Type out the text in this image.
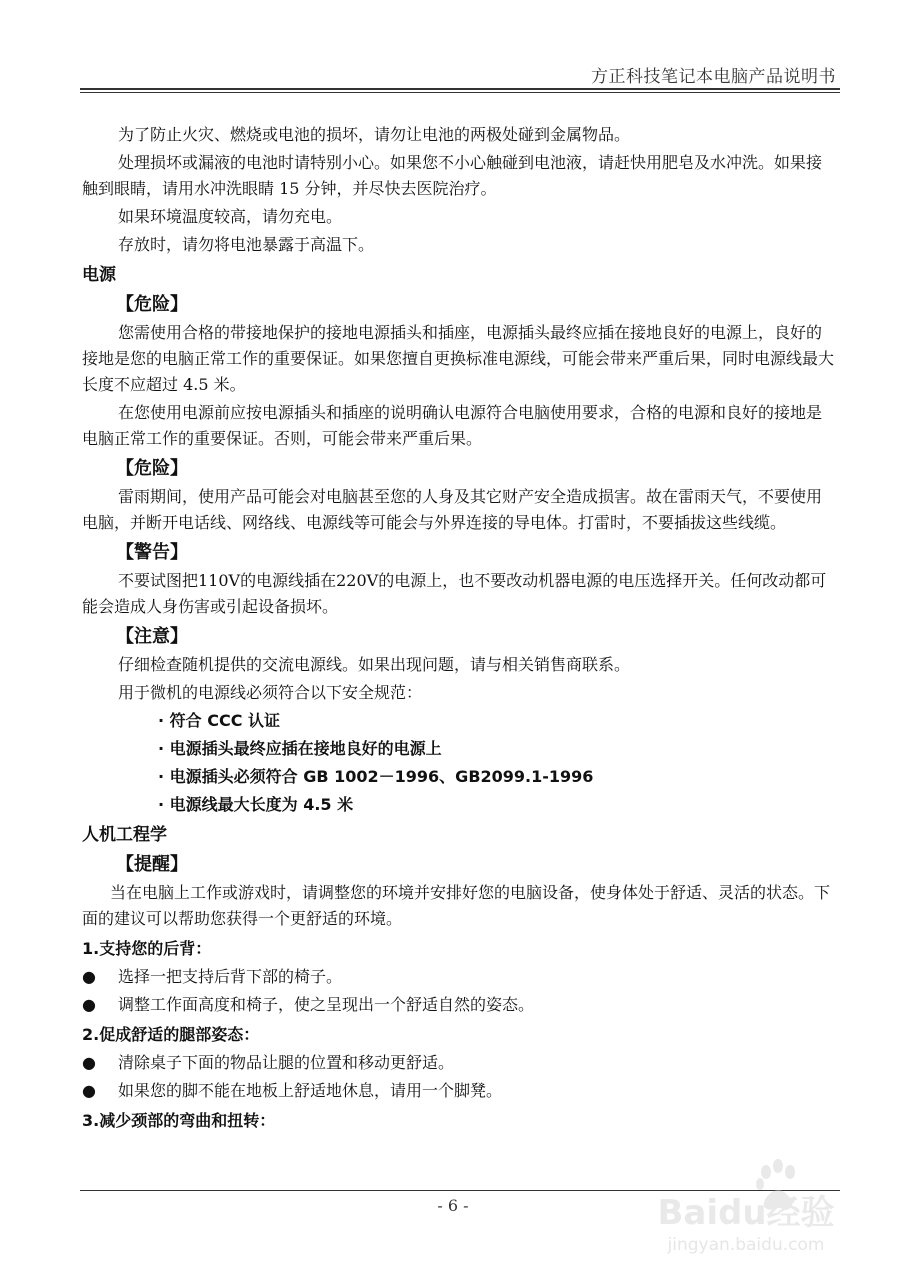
方正科技笔记本电脑产品说明书

为了防止火灾、燃烧或电池的损坏，请勿让电池的两极处碰到金属物品。

处理损坏或漏液的电池时请特别小心。如果您不小心触碰到电池液，请赶快用肥皂及水冲洗。如果接触到眼睛，请用水冲洗眼睛 15 分钟，并尽快去医院治疗。

如果环境温度较高，请勿充电。

存放时，请勿将电池暴露于高温下。

电源
【危险】

您需使用合格的带接地保护的接地电源插头和插座，电源插头最终应插在接地良好的电源上，良好的接地是您的电脑正常工作的重要保证。如果您擅自更换标准电源线，可能会带来严重后果，同时电源线最大长度不应超过 4.5 米。

在您使用电源前应按电源插头和插座的说明确认电源符合电脑使用要求，合格的电源和良好的接地是电脑正常工作的重要保证。否则，可能会带来严重后果。

【危险】

雷雨期间，使用产品可能会对电脑甚至您的人身及其它财产安全造成损害。故在雷雨天气，不要使用电脑，并断开电话线、网络线、电源线等可能会与外界连接的导电体。打雷时，不要插拔这些线缆。

【警告】

不要试图把110V的电源线插在220V的电源上，也不要改动机器电源的电压选择开关。任何改动都可能会造成人身伤害或引起设备损坏。

【注意】

仔细检查随机提供的交流电源线。如果出现问题，请与相关销售商联系。

用于微机的电源线必须符合以下安全规范：

· 符合 CCC 认证
· 电源插头最终应插在接地良好的电源上
· 电源插头必须符合 GB 1002－1996、GB2099.1-1996
· 电源线最大长度为 4.5 米
人机工程学
【提醒】

当在电脑上工作或游戏时，请调整您的环境并安排好您的电脑设备，使身体处于舒适、灵活的状态。下面的建议可以帮助您获得一个更舒适的环境。

1.支持您的后背：
●	选择一把支持后背下部的椅子。
●	调整工作面高度和椅子，使之呈现出一个舒适自然的姿态。
2.促成舒适的腿部姿态：
●	清除桌子下面的物品让腿的位置和移动更舒适。
●	如果您的脚不能在地板上舒适地休息，请用一个脚凳。
3.减少颈部的弯曲和扭转：
- 6 -	Baidu经验
jingyan.baidu.com
